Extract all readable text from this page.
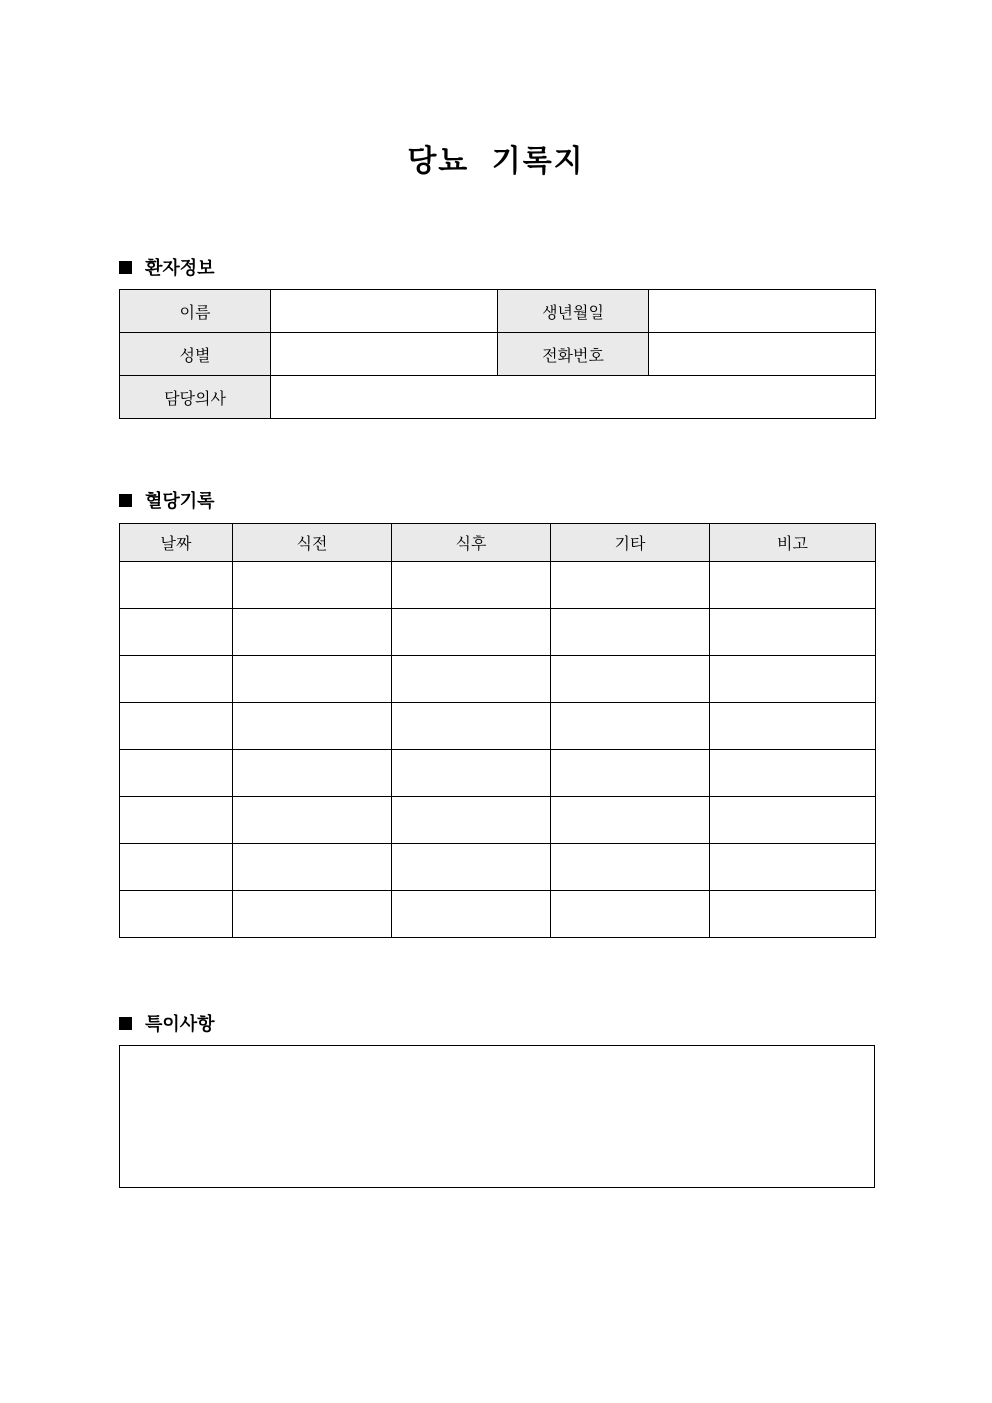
당뇨 기록지
환자정보
이름		생년월일	
성별		전화번호	
담당의사			
혈당기록
날짜	식전	식후	기타	비고

특이사항
